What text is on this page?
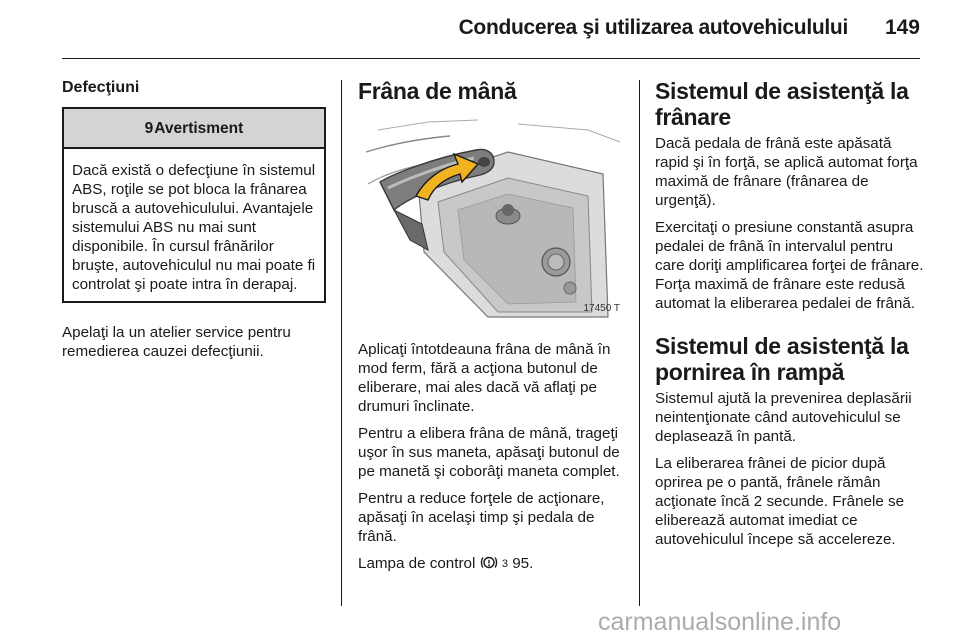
Conducerea şi utilizarea autovehiculului 149
Defecţiuni
9 Avertisment
Dacă există o defecţiune în sistemul ABS, roţile se pot bloca la frânarea bruscă a autovehiculului. Avantajele sistemului ABS nu mai sunt disponibile. În cursul frânărilor bruşte, autovehiculul nu mai poate fi controlat şi poate intra în derapaj.

Apelaţi la un atelier service pentru remedierea cauzei defecţiunii.

Frâna de mână
17450 T

Aplicaţi întotdeauna frâna de mână în mod ferm, fără a acţiona butonul de eliberare, mai ales dacă vă aflaţi pe drumuri înclinate.

Pentru a elibera frâna de mână, trageţi uşor în sus maneta, apăsaţi butonul de pe manetă şi coborâţi maneta complet.

Pentru a reduce forţele de acţionare, apăsaţi în acelaşi timp şi pedala de frână.

Lampa de control 3 95.

Sistemul de asistenţă la frânare

Dacă pedala de frână este apăsată rapid şi în forţă, se aplică automat forţa maximă de frânare (frânarea de urgenţă).

Exercitaţi o presiune constantă asupra pedalei de frână în intervalul pentru care doriţi amplificarea forţei de frânare. Forţa maximă de frânare este redusă automat la eliberarea pedalei de frână.

Sistemul de asistenţă la pornirea în rampă

Sistemul ajută la prevenirea deplasării neintenţionate când autovehiculul se deplasează în pantă.

La eliberarea frânei de picior după oprirea pe o pantă, frânele rămân acţionate încă 2 secunde. Frânele se eliberează automat imediat ce autovehiculul începe să accelereze.

carmanualsonline.info
